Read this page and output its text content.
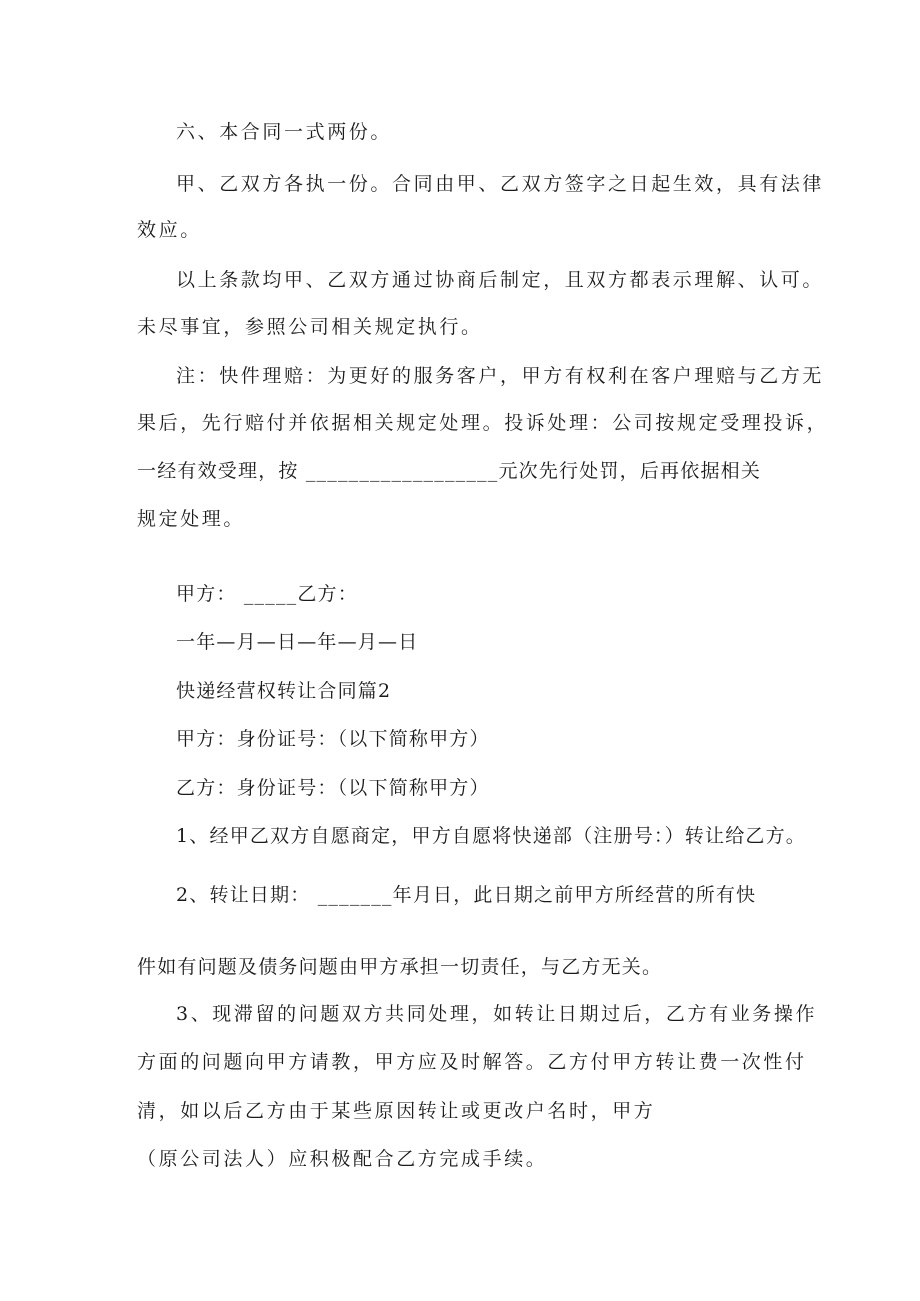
六、本合同一式两份。
甲、乙双方各执一份。合同由甲、乙双方签字之日起生效，具有法律
效应。
以上条款均甲、乙双方通过协商后制定，且双方都表示理解、认可。
未尽事宜，参照公司相关规定执行。
注：快件理赔：为更好的服务客户，甲方有权利在客户理赔与乙方无
果后，先行赔付并依据相关规定处理。投诉处理：公司按规定受理投诉，
一经有效受理，按 __________________元次先行处罚，后再依据相关
规定处理。
甲方： _____乙方：
一年—月—日—年—月—日
快递经营权转让合同篇2
甲方：身份证号：（以下简称甲方）
乙方：身份证号：（以下简称甲方）
1、经甲乙双方自愿商定，甲方自愿将快递部（注册号：）转让给乙方。
2、转让日期： _______年月日，此日期之前甲方所经营的所有快
件如有问题及债务问题由甲方承担一切责任，与乙方无关。
3、现滞留的问题双方共同处理，如转让日期过后，乙方有业务操作
方面的问题向甲方请教，甲方应及时解答。乙方付甲方转让费一次性付
清，如以后乙方由于某些原因转让或更改户名时，甲方
（原公司法人）应积极配合乙方完成手续。
